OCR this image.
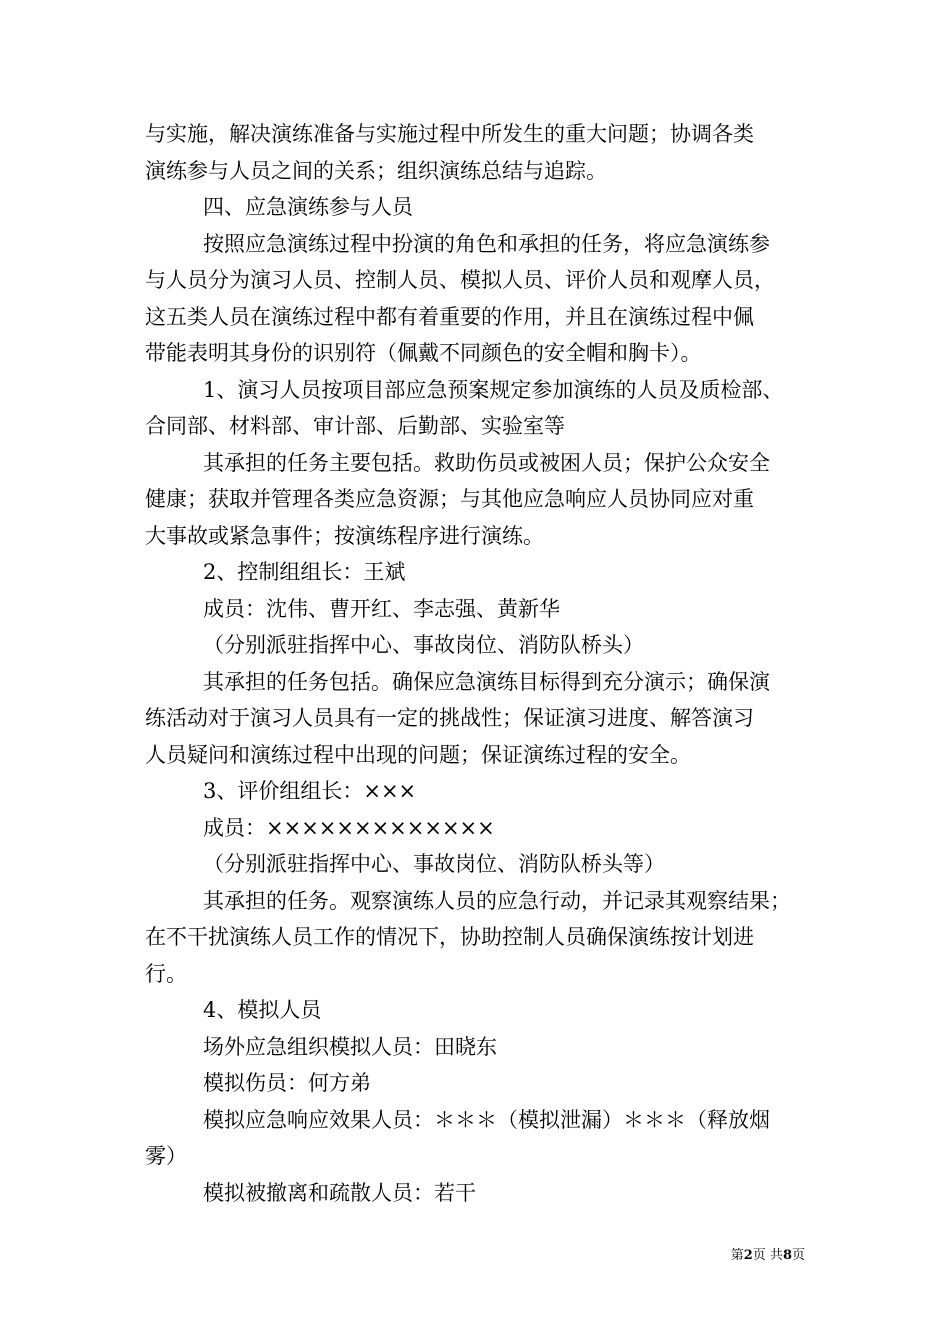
与实施，解决演练准备与实施过程中所发生的重大问题；协调各类
演练参与人员之间的关系；组织演练总结与追踪。
四、应急演练参与人员
按照应急演练过程中扮演的角色和承担的任务，将应急演练参
与人员分为演习人员、控制人员、模拟人员、评价人员和观摩人员，
这五类人员在演练过程中都有着重要的作用，并且在演练过程中佩
带能表明其身份的识别符（佩戴不同颜色的安全帽和胸卡）。
1、演习人员按项目部应急预案规定参加演练的人员及质检部、
合同部、材料部、审计部、后勤部、实验室等
其承担的任务主要包括。救助伤员或被困人员；保护公众安全
健康；获取并管理各类应急资源；与其他应急响应人员协同应对重
大事故或紧急事件；按演练程序进行演练。
2、控制组组长：王斌
成员：沈伟、曹开红、李志强、黄新华
（分别派驻指挥中心、事故岗位、消防队桥头）
其承担的任务包括。确保应急演练目标得到充分演示；确保演
练活动对于演习人员具有一定的挑战性；保证演习进度、解答演习
人员疑问和演练过程中出现的问题；保证演练过程的安全。
3、评价组组长：×××
成员：×××××××××××××
（分别派驻指挥中心、事故岗位、消防队桥头等）
其承担的任务。观察演练人员的应急行动，并记录其观察结果；
在不干扰演练人员工作的情况下，协助控制人员确保演练按计划进
行。
4、模拟人员
场外应急组织模拟人员：田晓东
模拟伤员：何方弟
模拟应急响应效果人员：＊＊＊（模拟泄漏）＊＊＊（释放烟
雾）
模拟被撤离和疏散人员：若干
第2页 共8页
